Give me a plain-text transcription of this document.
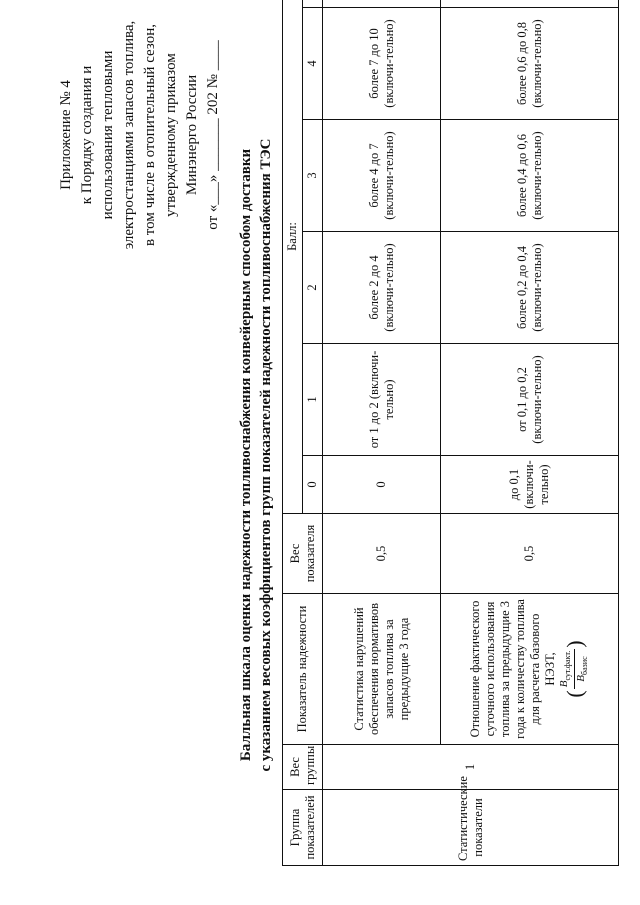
Приложение № 4 к Порядку создания и использования тепловыми электростанциями запасов топлива, в том числе в отопительный сезон, утвержденному приказом Минэнерго России от «___» _______ 202 № ____
Балльная шкала оценки надежности топливоснабжения конвейерным способом доставки с указанием весовых коэффициентов групп показателей надежности топливоснабжения ТЭС
Группа показателей	Вес группы	Показатель надежности	Вес показателя	Балл:					
				0	1	2	3	4	
Статистические показатели	1	Статистика нарушений обеспечения нормативов запасов топлива за предыдущие 3 года	0,5	0	от 1 до 2 (включи-тельно)	более 2 до 4 (включи-тельно)	более 4 до 7 (включи-тельно)	более 7 до 10 (включи-тельно)	
		Отношение фактического суточного использования топлива за предыдущие 3 года к количеству топлива для расчета базового НЭЗТ,
(
$B_{сут.факт.}$ $B_{базис}$
)	0,5	до 0,1 (включи-тельно)	от 0,1 до 0,2 (включи-тельно)	более 0,2 до 0,4 (включи-тельно)	более 0,4 до 0,6 (включи-тельно)	более 0,6 до 0,8 (включи-тельно)	
